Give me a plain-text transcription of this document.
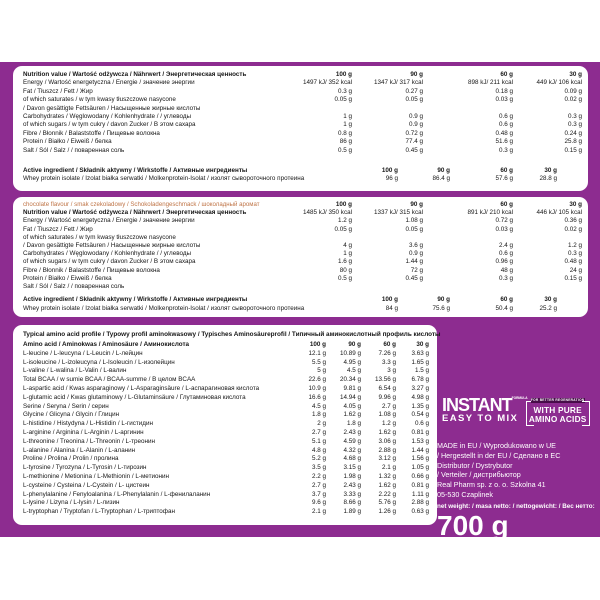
Nutrition value / Wartość odżywcza / Nährwert / Энергетическая ценность	100 g	90 g	60 g	30 g
Energy / Wartość energetyczna / Energie / значение энергии	1497 kJ/ 352 kcal	1347 kJ/ 317 kcal	898 kJ/ 211 kcal	449 kJ/ 106 kcal
Fat / Tłuszcz / Fett / Жир	0.3 g	0.27 g	0.18 g	0.09 g
of which saturates / w tym kwasy tłuszczowe nasycone	0.05 g	0.05 g	0.03 g	0.02 g
/ Davon gesättigte Fettsäuren / Насыщенные жирные кислоты
Carbohydrates / Węglowodany / Kohlenhydrate / / углеводы	1 g	0.9 g	0.6 g	0.3 g
of which sugars / w tym cukry / davon Zucker / В этом сахара	1 g	0.9 g	0.6 g	0.3 g
Fibre / Błonnik / Balaststoffe / Пищевые волокна	0.8 g	0.72 g	0.48 g	0.24 g
Protein / Białko / Eiweiß / белка	86 g	77.4 g	51.6 g	25.8 g
Salt / Sól / Salz / / поваренная соль	0.5 g	0.45 g	0.3 g	0.15 g
Active ingredient / Składnik aktywny / Wirkstoffe / Активные ингредиенты	100 g	90 g	60 g	30 g
Whey protein isolate / Izolat białka serwatki / Molkenprotein-Isolat / изолят сывороточного протеина	96 g	86.4 g	57.6 g	28.8 g
chocolate flavour / smak czekoladowy / Schokoladengeschmack / шоколадный аромат	100 g	90 g	60 g	30 g
Nutrition value / Wartość odżywcza / Nährwert / Энергетическая ценность	1485 kJ/ 350 kcal	1337 kJ/ 315 kcal	891 kJ/ 210 kcal	446 kJ/ 105 kcal
Energy / Wartość energetyczna / Energie / значение энергии	1.2 g	1.08 g	0.72 g	0.36 g
Fat / Tłuszcz / Fett / Жир	0.05 g	0.05 g	0.03 g	0.02 g
of which saturates / w tym kwasy tłuszczowe nasycone
/ Davon gesättigte Fettsäuren / Насыщенные жирные кислоты	4 g	3.6 g	2.4 g	1.2 g
Carbohydrates / Węglowodany / Kohlenhydrate / / углеводы	1 g	0.9 g	0.6 g	0.3 g
of which sugars / w tym cukry / davon Zucker / В этом сахара	1.6 g	1.44 g	0.96 g	0.48 g
Fibre / Błonnik / Balaststoffe / Пищевые волокна	80 g	72 g	48 g	24 g
Protein / Białko / Eiweiß / белка	0.5 g	0.45 g	0.3 g	0.15 g
Salt / Sól / Salz / / поваренная соль
Active ingredient / Składnik aktywny / Wirkstoffe / Активные ингредиенты	100 g	90 g	60 g	30 g
Whey protein isolate / Izolat białka serwatki / Molkenprotein-Isolat / изолят сывороточного протеина	84 g	75.6 g	50.4 g	25.2 g
Typical amino acid profile / Typowy profil aminokwasowy / Typisches Aminosäureprofil / Типичный аминокислотный профиль кислоты
Amino acid / Aminokwas / Aminosäure / Аминокислота	100 g	90 g	60 g	30 g
L-leucine / L-leucyna / L-Leucin / L-лейцин	12.1 g	10.89 g	7.26 g	3.63 g
L-isoleucine / L-izoleucyna / L-Isoleucin / L-изолейцин	5.5 g	4.95 g	3.3 g	1.65 g
L-valine / L-walina / L-Valin / L-валин	5 g	4.5 g	3 g	1.5 g
Total BCAA / w sumie BCAA / BCAA-summe / В целом BCAA	22.6 g	20.34 g	13.56 g	6.78 g
L-aspartic acid / Kwas asparaginowy / L-Asparaginsäure / L-аспарагиновая кислота	10.9 g	9.81 g	6.54 g	3.27 g
L-glutamic acid / Kwas glutaminowy / L-Glutaminsäure / Глутаминовая кислота	16.6 g	14.94 g	9.96 g	4.98 g
Serine / Seryna / Serin / серин	4.5 g	4.05 g	2.7 g	1.35 g
Glycine / Glicyna / Glycin / Глицин	1.8 g	1.62 g	1.08 g	0.54 g
L-histidine / Histydyna / L-Histidin / L-гистидин	2 g	1.8 g	1.2 g	0.6 g
L-arginine / Arginina / L-Arginin / L-аргинин	2.7 g	2.43 g	1.62 g	0.81 g
L-threonine / Treonina / L-Threonin / L-треонин	5.1 g	4.59 g	3.06 g	1.53 g
L-alanine / Alanina / L-Alanin / L-аланин	4.8 g	4.32 g	2.88 g	1.44 g
Proline / Prolina / Prolin / пролина	5.2 g	4.68 g	3.12 g	1.56 g
L-tyrosine / Tyrozyna / L-Tyrosin / L-тирозин	3.5 g	3.15 g	2.1 g	1.05 g
L-methionine / Metionina / L-Methionin / L-метионин	2.2 g	1.98 g	1.32 g	0.66 g
L-cysteine / Cysteina / L-Cystein / L- цистеин	2.7 g	2.43 g	1.62 g	0.81 g
L-phenylalanine / Fenyloalanina / L-Phenylalanin / L-фенилаланин	3.7 g	3.33 g	2.22 g	1.11 g
L-lysine / Lizyna / L-lysin / L-лизин	9.6 g	8.66 g	5.76 g	2.88 g
L-tryptophan / Tryptofan / L-Tryptophan / L-триптофан	2.1 g	1.89 g	1.26 g	0.63 g
INSTANTFORMULA
EASY TO MIX
FOR BETTER REGENERATION
WITH PURE
AMINO ACIDS
MADE in EU / Wyprodukowano w UE
/ Hergestellt in der EU / Сделано в EC
Distributor / Dystrybutor
/ Verteiler / дистрибьютор
Real Pharm sp. z o. o. Szkolna 41
05-530 Czaplinek
net weight: / masa netto: / nettogewicht: / Вес нетто:
700 g
